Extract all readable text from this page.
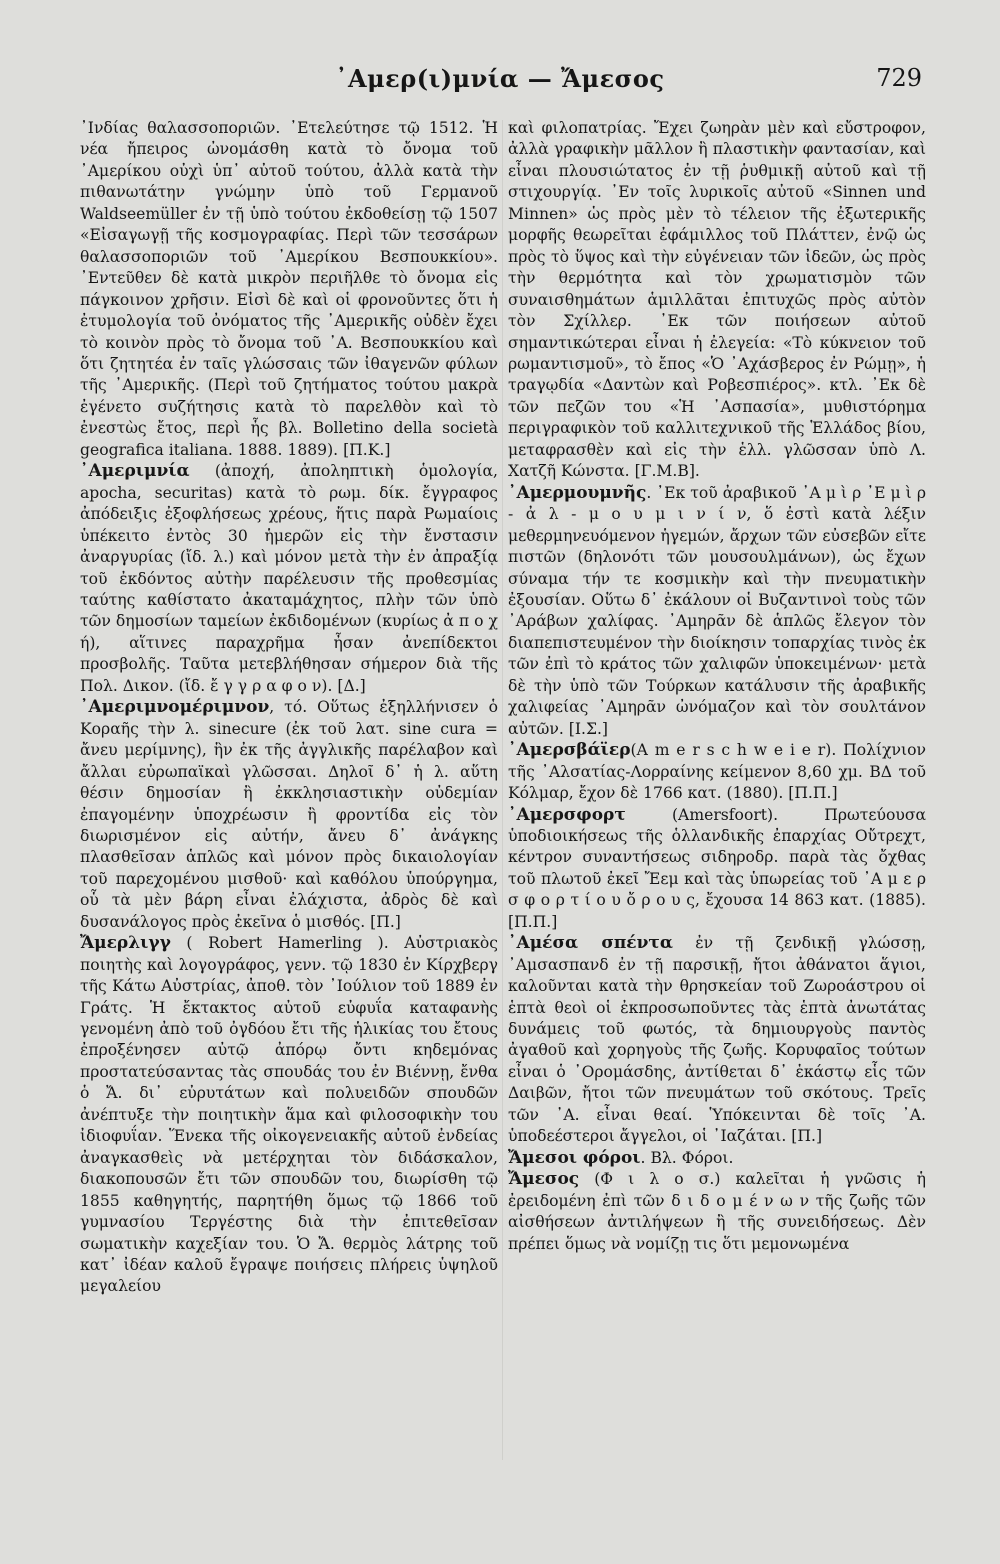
᾿Αμερ(ι)μνία — Ἄμεσος	729

᾿Ινδίας θαλασσοποριῶν. ᾿Ετελεύτησε τῷ 1512. Ἡ νέα ἤπειρος ὠνομάσθη κατὰ τὸ ὄνομα τοῦ ᾿Αμερίκου οὐχὶ ὑπ᾿ αὐτοῦ τούτου, ἀλλὰ κατὰ τὴν πιθανωτάτην γνώμην ὑπὸ τοῦ Γερμανοῦ Waldseemüller ἐν τῇ ὑπὸ τούτου ἐκδοθείσῃ τῷ 1507 «Εἰσαγωγῇ τῆς κοσμογραφίας. Περὶ τῶν τεσσάρων θαλασσοποριῶν τοῦ ᾿Αμερίκου Βεσπουκκίου». ᾿Εντεῦθεν δὲ κατὰ μικρὸν περιῆλθε τὸ ὄνομα εἰς πάγκοινον χρῆσιν. Εἰσὶ δὲ καὶ οἱ φρονοῦντες ὅτι ἡ ἐτυμολογία τοῦ ὀνόματος τῆς ᾿Αμερικῆς οὐδὲν ἔχει τὸ κοινὸν πρὸς τὸ ὄνομα τοῦ ᾿Α. Βεσπουκκίου καὶ ὅτι ζητητέα ἐν ταῖς γλώσσαις τῶν ἰθαγενῶν φύλων τῆς ᾿Αμερικῆς. (Περὶ τοῦ ζητήματος τούτου μακρὰ ἐγένετο συζήτησις κατὰ τὸ παρελθὸν καὶ τὸ ἐνεστὼς ἔτος, περὶ ἧς βλ. Bolletino della società geografica italiana. 1888. 1889). [Π.Κ.]

᾿Αμεριμνία (ἀποχή, ἀποληπτικὴ ὁμολογία, apocha, securitas) κατὰ τὸ ρωμ. δίκ. ἔγγραφος ἀπόδειξις ἐξοφλήσεως χρέους, ἥτις παρὰ Ρωμαίοις ὑπέκειτο ἐντὸς 30 ἡμερῶν εἰς τὴν ἔνστασιν ἀναργυρίας (ἴδ. λ.) καὶ μόνον μετὰ τὴν ἐν ἀπραξίᾳ τοῦ ἐκδόντος αὐτὴν παρέλευσιν τῆς προθεσμίας ταύτης καθίστατο ἀκαταμάχητος, πλὴν τῶν ὑπὸ τῶν δημοσίων ταμείων ἐκδιδομένων (κυρίως ἀ π ο χ ή), αἵτινες παραχρῆμα ἦσαν ἀνεπίδεκτοι προσβολῆς. Ταῦτα μετεβλήθησαν σήμερον διὰ τῆς Πολ. Δικον. (ἴδ. ἔ γ γ ρ α φ ο ν). [Δ.]

᾿Αμεριμνομέριμνον, τό. Οὕτως ἐξηλλήνισεν ὁ Κοραῆς τὴν λ. sinecure (ἐκ τοῦ λατ. sine cura = ἄνευ μερίμνης), ἣν ἐκ τῆς ἀγγλικῆς παρέλαβον καὶ ἄλλαι εὐρωπαϊκαὶ γλῶσσαι. Δηλοῖ δ᾿ ἡ λ. αὕτη θέσιν δημοσίαν ἢ ἐκκλησιαστικὴν οὐδεμίαν ἐπαγομένην ὑποχρέωσιν ἢ φροντίδα εἰς τὸν διωρισμένον εἰς αὐτήν, ἄνευ δ᾿ ἀνάγκης πλασθεῖσαν ἁπλῶς καὶ μόνον πρὸς δικαιολογίαν τοῦ παρεχομένου μισθοῦ· καὶ καθόλου ὑπούργημα, οὗ τὰ μὲν βάρη εἶναι ἐλάχιστα, ἀδρὸς δὲ καὶ δυσανάλογος πρὸς ἐκεῖνα ὁ μισθός. [Π.]

Ἄμερλιγγ ( Robert Hamerling ). Αὐστριακὸς ποιητὴς καὶ λογογράφος, γενν. τῷ 1830 ἐν Κίρχβεργ τῆς Κάτω Αὐστρίας, ἀποθ. τὸν ᾿Ιούλιον τοῦ 1889 ἐν Γράτς. Ἡ ἔκτακτος αὐτοῦ εὐφυΐα καταφανὴς γενομένη ἀπὸ τοῦ ὀγδόου ἔτι τῆς ἡλικίας του ἔτους ἐπροξένησεν αὐτῷ ἀπόρῳ ὄντι κηδεμόνας προστατεύσαντας τὰς σπουδάς του ἐν Βιέννῃ, ἔνθα ὁ Ἄ. δι᾿ εὐρυτάτων καὶ πολυειδῶν σπουδῶν ἀνέπτυξε τὴν ποιητικὴν ἅμα καὶ φιλοσοφικὴν του ἰδιοφυΐαν. Ἕνεκα τῆς οἰκογενειακῆς αὐτοῦ ἐνδείας ἀναγκασθεὶς νὰ μετέρχηται τὸν διδάσκαλον, διακοπουσῶν ἔτι τῶν σπουδῶν του, διωρίσθη τῷ 1855 καθηγητής, παρητήθη ὅμως τῷ 1866 τοῦ γυμνασίου Τεργέστης διὰ τὴν ἐπιτεθεῖσαν σωματικὴν καχεξίαν του. Ὁ Ἄ. θερμὸς λάτρης τοῦ κατ᾿ ἰδέαν καλοῦ ἔγραψε ποιήσεις πλήρεις ὑψηλοῦ μεγαλείου

καὶ φιλοπατρίας. Ἔχει ζωηρὰν μὲν καὶ εὔστροφον, ἀλλὰ γραφικὴν μᾶλλον ἢ πλαστικὴν φαντασίαν, καὶ εἶναι πλουσιώτατος ἐν τῇ ῥυθμικῇ αὐτοῦ καὶ τῇ στιχουργίᾳ. ᾿Εν τοῖς λυρικοῖς αὐτοῦ «Sinnen und Minnen» ὡς πρὸς μὲν τὸ τέλειον τῆς ἐξωτερικῆς μορφῆς θεωρεῖται ἐφάμιλλος τοῦ Πλάττεν, ἐνῷ ὡς πρὸς τὸ ὕψος καὶ τὴν εὐγένειαν τῶν ἰδεῶν, ὡς πρὸς τὴν θερμότητα καὶ τὸν χρωματισμὸν τῶν συναισθημάτων ἁμιλλᾶται ἐπιτυχῶς πρὸς αὐτὸν τὸν Σχίλλερ. ᾿Εκ τῶν ποιήσεων αὐτοῦ σημαντικώτεραι εἶναι ἡ ἐλεγεία: «Τὸ κύκνειον τοῦ ρωμαντισμοῦ», τὸ ἔπος «Ὁ ᾿Αχάσβερος ἐν Ρώμῃ», ἡ τραγῳδία «Δαντὼν καὶ Ροβεσπιέρος». κτλ. ᾿Εκ δὲ τῶν πεζῶν του «Ἡ ᾿Ασπασία», μυθιστόρημα περιγραφικὸν τοῦ καλλιτεχνικοῦ τῆς Ἑλλάδος βίου, μεταφρασθὲν καὶ εἰς τὴν ἑλλ. γλῶσσαν ὑπὸ Λ. Χατζῆ Κώνστα. [Γ.Μ.Β].

᾿Αμερμουμνῆς. ᾿Εκ τοῦ ἀραβικοῦ ᾿Α μ ὶ ρ ᾿Ε μ ὶ ρ - ἀ λ - μ ο υ μ ι ν ί ν, ὅ ἐστὶ κατὰ λέξιν μεθερμηνευόμενον ἡγεμών, ἄρχων τῶν εὐσεβῶν εἴτε πιστῶν (δηλονότι τῶν μουσουλμάνων), ὡς ἔχων σύναμα τήν τε κοσμικὴν καὶ τὴν πνευματικὴν ἐξουσίαν. Οὕτω δ᾿ ἐκάλουν οἱ Βυζαντινοὶ τοὺς τῶν ᾿Αράβων χαλίφας. ᾿Αμηρᾶν δὲ ἁπλῶς ἔλεγον τὸν διαπεπιστευμένον τὴν διοίκησιν τοπαρχίας τινὸς ἐκ τῶν ἐπὶ τὸ κράτος τῶν χαλιφῶν ὑποκειμένων· μετὰ δὲ τὴν ὑπὸ τῶν Τούρκων κατάλυσιν τῆς ἀραβικῆς χαλιφείας ᾿Αμηρᾶν ὠνόμαζον καὶ τὸν σουλτάνον αὐτῶν. [Ι.Σ.]

᾿Αμερσβάϊερ(Α m e r s c h w e i e r). Πολίχνιον τῆς ᾿Αλσατίας-Λορραίνης κείμενον 8,60 χμ. ΒΔ τοῦ Κόλμαρ, ἔχον δὲ 1766 κατ. (1880). [Π.Π.]

᾿Αμερσφορτ (Amersfoort). Πρωτεύουσα ὑποδιοικήσεως τῆς ὁλλανδικῆς ἐπαρχίας Οὔτρεχτ, κέντρον συναντήσεως σιδηροδρ. παρὰ τὰς ὄχθας τοῦ πλωτοῦ ἐκεῖ Ἔεμ καὶ τὰς ὑπωρείας τοῦ ᾿Α μ ε ρ σ φ ο ρ τ ί ο υ ὄ ρ ο υ ς, ἔχουσα 14 863 κατ. (1885). [Π.Π.]

᾿Αμέσα σπέντα ἐν τῇ ζενδικῇ γλώσσῃ, ᾿Αμσασπανδ ἐν τῇ παρσικῇ, ἤτοι ἀθάνατοι ἅγιοι, καλοῦνται κατὰ τὴν θρησκείαν τοῦ Ζωροάστρου οἱ ἑπτὰ θεοὶ οἱ ἐκπροσωποῦντες τὰς ἑπτὰ ἀνωτάτας δυνάμεις τοῦ φωτός, τὰ δημιουργοὺς παντὸς ἀγαθοῦ καὶ χορηγοὺς τῆς ζωῆς. Κορυφαῖος τούτων εἶναι ὁ ᾿Ορομάσδης, ἀντίθεται δ᾿ ἑκάστῳ εἷς τῶν Δαιβῶν, ἤτοι τῶν πνευμάτων τοῦ σκότους. Τρεῖς τῶν ᾿Α. εἶναι θεαί. Ὑπόκεινται δὲ τοῖς ᾿Α. ὑποδεέστεροι ἄγγελοι, οἱ ᾿Ιαζάται. [Π.]

Ἄμεσοι φόροι. Βλ. Φόροι.

Ἄμεσος (Φ ι λ ο σ.) καλεῖται ἡ γνῶσις ἡ ἐρειδομένη ἐπὶ τῶν δ ι δ ο μ έ ν ω ν τῆς ζωῆς τῶν αἰσθήσεων ἀντιλήψεων ἢ τῆς συνειδήσεως. Δὲν πρέπει ὅμως νὰ νομίζῃ τις ὅτι μεμονωμένα
